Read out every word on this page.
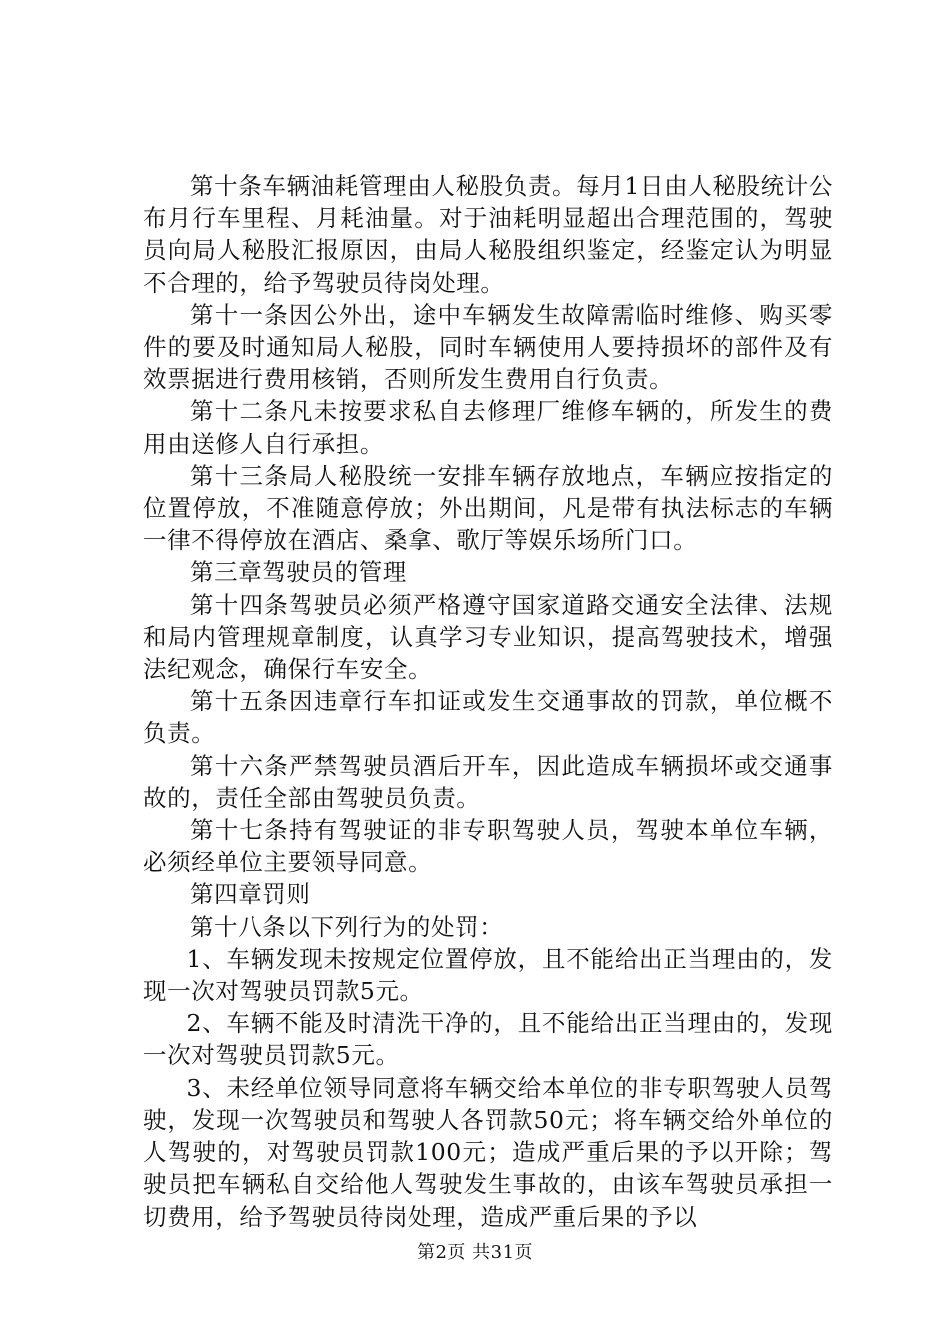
第十条车辆油耗管理由人秘股负责。每月1日由人秘股统计公布月行车里程、月耗油量。对于油耗明显超出合理范围的，驾驶员向局人秘股汇报原因，由局人秘股组织鉴定，经鉴定认为明显不合理的，给予驾驶员待岗处理。

第十一条因公外出，途中车辆发生故障需临时维修、购买零件的要及时通知局人秘股，同时车辆使用人要持损坏的部件及有效票据进行费用核销，否则所发生费用自行负责。

第十二条凡未按要求私自去修理厂维修车辆的，所发生的费用由送修人自行承担。

第十三条局人秘股统一安排车辆存放地点，车辆应按指定的位置停放，不准随意停放；外出期间，凡是带有执法标志的车辆一律不得停放在酒店、桑拿、歌厅等娱乐场所门口。

第三章驾驶员的管理

第十四条驾驶员必须严格遵守国家道路交通安全法律、法规和局内管理规章制度，认真学习专业知识，提高驾驶技术，增强法纪观念，确保行车安全。

第十五条因违章行车扣证或发生交通事故的罚款，单位概不负责。

第十六条严禁驾驶员酒后开车，因此造成车辆损坏或交通事故的，责任全部由驾驶员负责。

第十七条持有驾驶证的非专职驾驶人员，驾驶本单位车辆，必须经单位主要领导同意。

第四章罚则

第十八条以下列行为的处罚：

1、车辆发现未按规定位置停放，且不能给出正当理由的，发现一次对驾驶员罚款5元。

2、车辆不能及时清洗干净的，且不能给出正当理由的，发现一次对驾驶员罚款5元。

3、未经单位领导同意将车辆交给本单位的非专职驾驶人员驾驶，发现一次驾驶员和驾驶人各罚款50元；将车辆交给外单位的人驾驶的，对驾驶员罚款100元；造成严重后果的予以开除；驾驶员把车辆私自交给他人驾驶发生事故的，由该车驾驶员承担一切费用，给予驾驶员待岗处理，造成严重后果的予以

第2页 共31页
